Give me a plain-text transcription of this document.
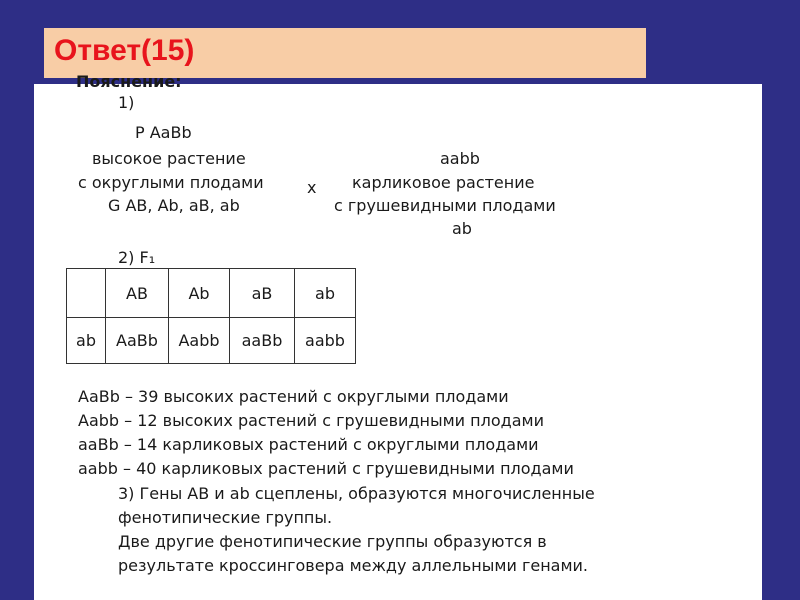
Ответ(15)
Пояснение:
1)
P AaBb
высокое растение
с округлыми плодами
G AB, Ab, aB, ab
x
aabb
карликовое растение
с грушевидными плодами
ab
2) F₁
	AB	Ab	aB	ab
ab	AaBb	Aabb	aaBb	aabb
AaBb – 39 высоких растений с округлыми плодами
Aabb – 12 высоких растений с грушевидными плодами
aaBb – 14 карликовых растений с округлыми плодами
aabb – 40 карликовых растений с грушевидными плодами
3) Гены AB и ab сцеплены, образуются многочисленные
фенотипические группы.
Две другие фенотипические группы образуются в
результате кроссинговера между аллельными генами.
